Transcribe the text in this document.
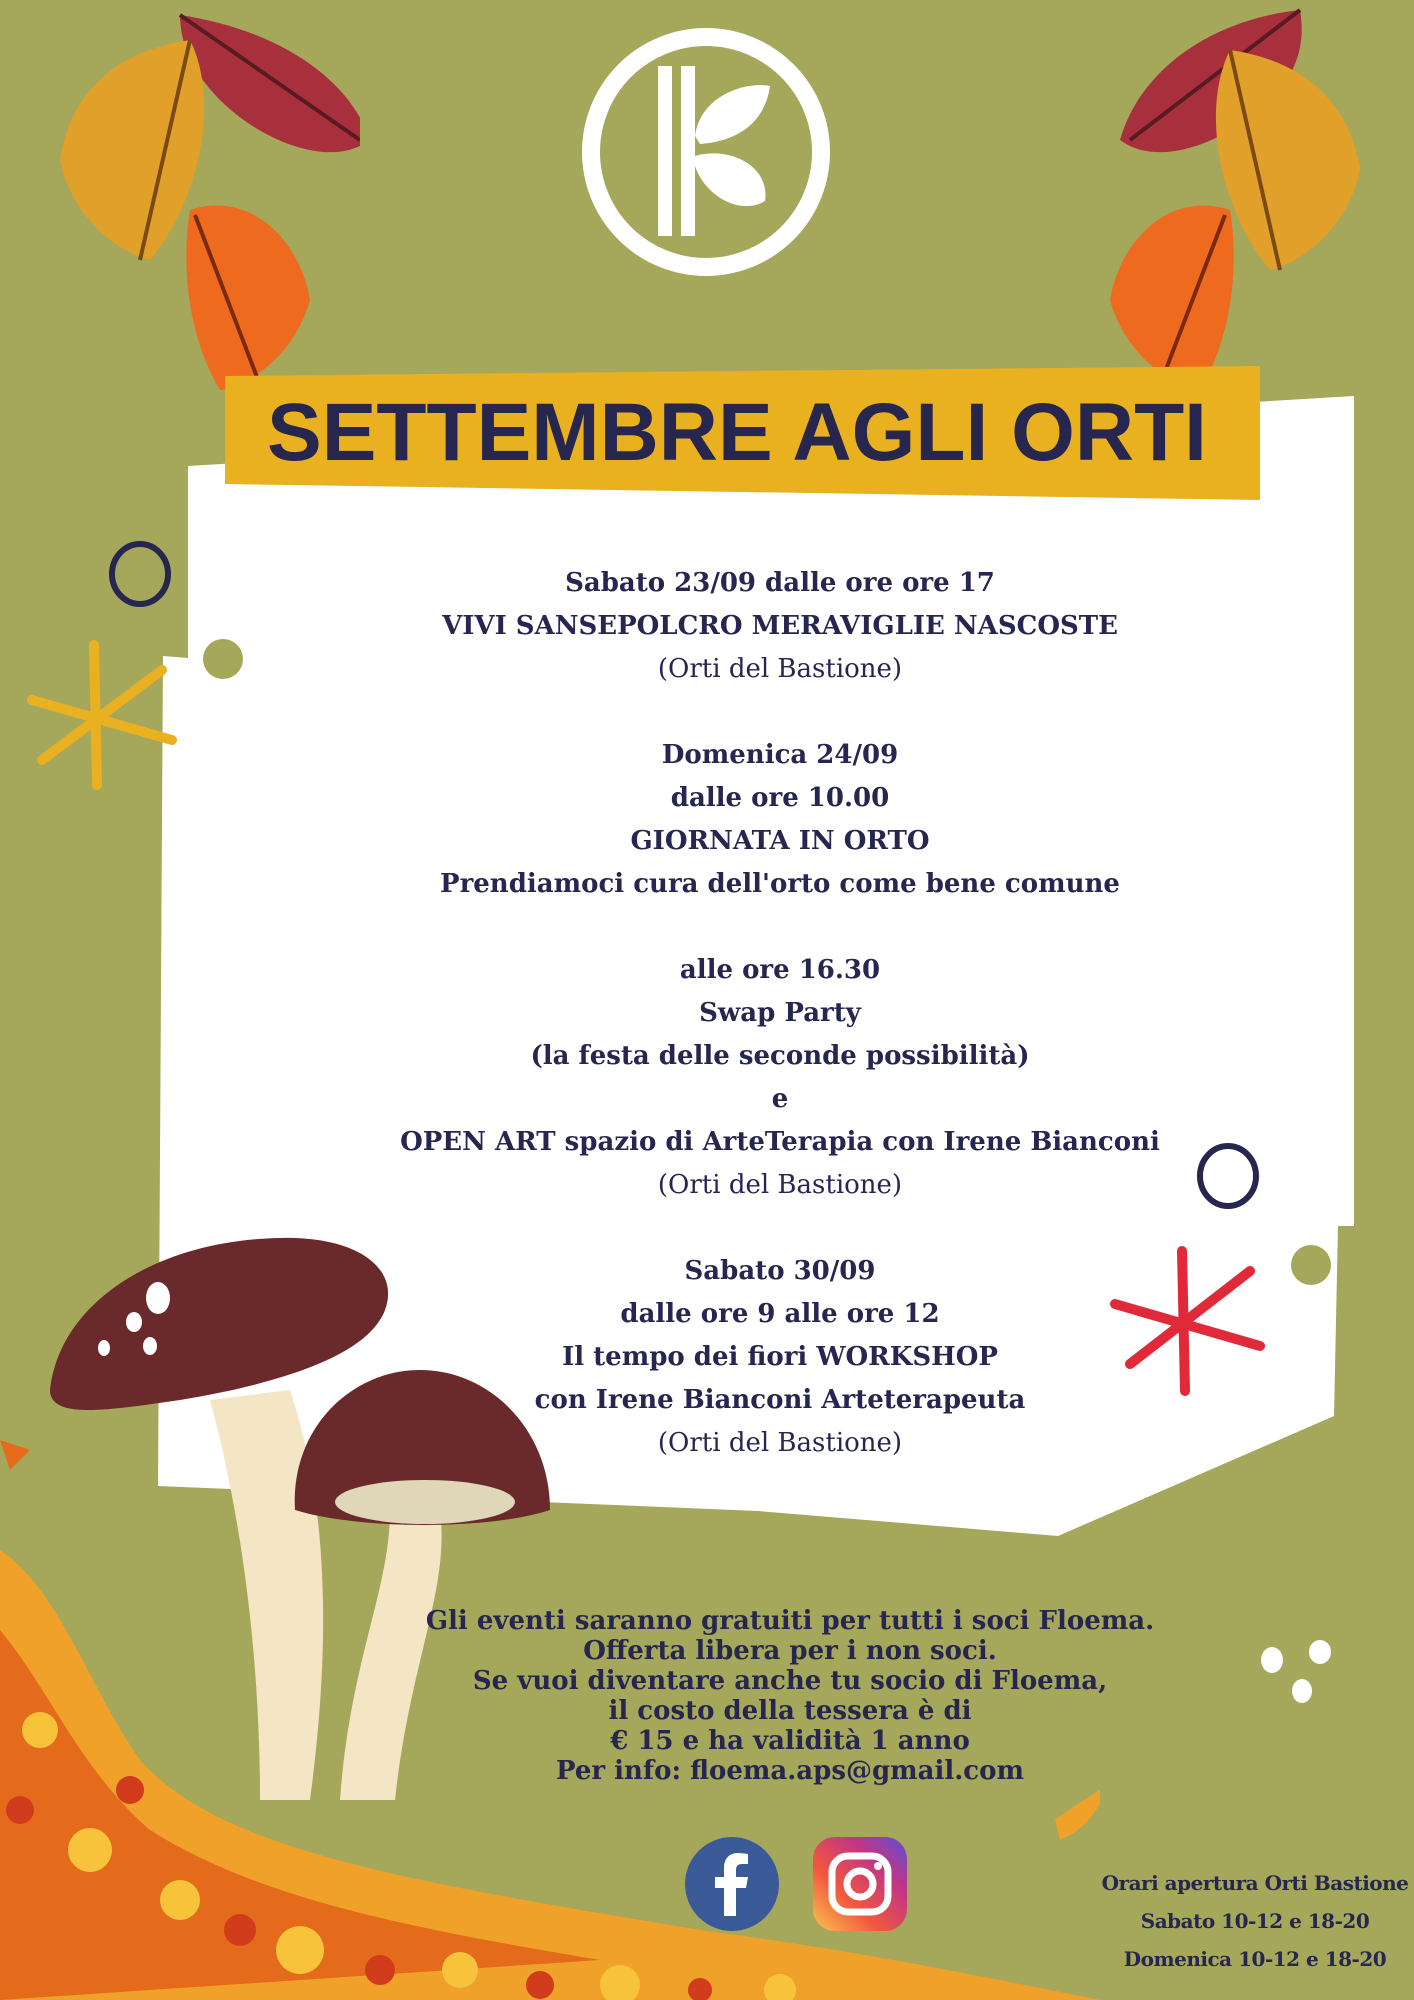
SETTEMBRE AGLI ORTI
Sabato 23/09 dalle ore ore 17
VIVI SANSEPOLCRO MERAVIGLIE NASCOSTE
(Orti del Bastione)
Domenica 24/09
dalle ore 10.00
GIORNATA IN ORTO
Prendiamoci cura dell'orto come bene comune
alle ore 16.30
Swap Party
(la festa delle seconde possibilità)
e
OPEN ART spazio di ArteTerapia con Irene Bianconi
(Orti del Bastione)
Sabato 30/09
dalle ore 9 alle ore 12
Il tempo dei fiori WORKSHOP
con Irene Bianconi Arteterapeuta
(Orti del Bastione)
Gli eventi saranno gratuiti per tutti i soci Floema.
Offerta libera per i non soci.
Se vuoi diventare anche tu socio di Floema,
il costo della tessera è di
€ 15 e ha validità 1 anno
Per info: floema.aps@gmail.com
Orari apertura Orti Bastione
Sabato 10-12 e 18-20
Domenica 10-12 e 18-20
